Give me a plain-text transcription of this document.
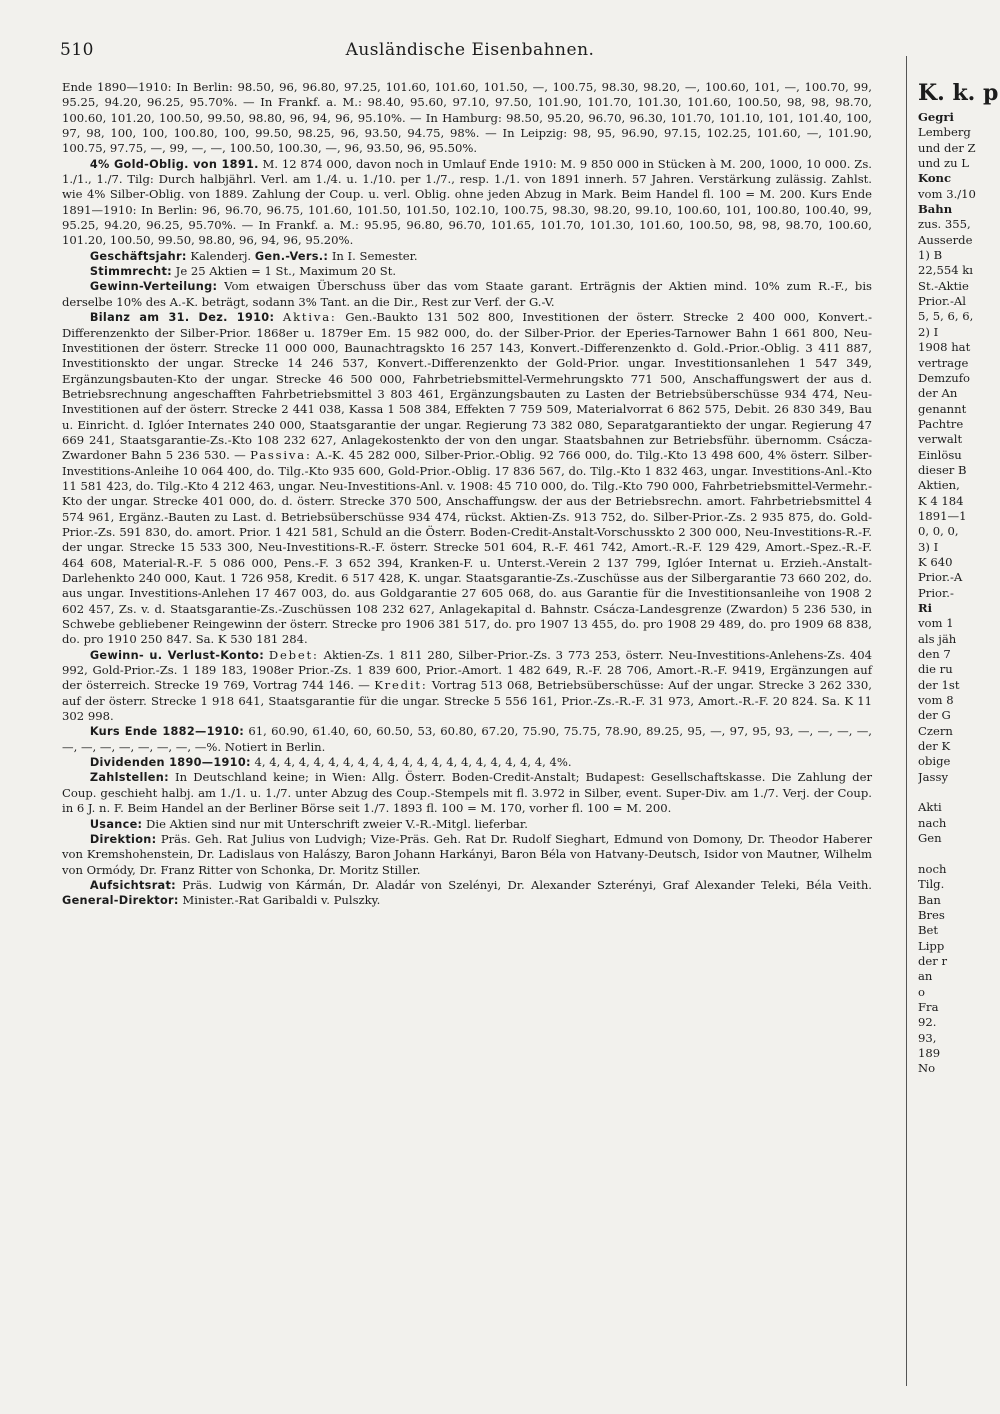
510	Ausländische Eisenbahnen.

Ende 1890—1910: In Berlin: 98.50, 96, 96.80, 97.25, 101.60, 101.60, 101.50, —, 100.75, 98.30, 98.20, —, 100.60, 101, —, 100.70, 99, 95.25, 94.20, 96.25, 95.70%. — In Frankf. a. M.: 98.40, 95.60, 97.10, 97.50, 101.90, 101.70, 101.30, 101.60, 100.50, 98, 98, 98.70, 100.60, 101.20, 100.50, 99.50, 98.80, 96, 94, 96, 95.10%. — In Hamburg: 98.50, 95.20, 96.70, 96.30, 101.70, 101.10, 101, 101.40, 100, 97, 98, 100, 100, 100.80, 100, 99.50, 98.25, 96, 93.50, 94.75, 98%. — In Leipzig: 98, 95, 96.90, 97.15, 102.25, 101.60, —, 101.90, 100.75, 97.75, —, 99, —, —, 100.50, 100.30, —, 96, 93.50, 96, 95.50%.

4% Gold-Oblig. von 1891. M. 12 874 000, davon noch in Umlauf Ende 1910: M. 9 850 000 in Stücken à M. 200, 1000, 10 000. Zs. 1./1., 1./7. Tilg: Durch halbjährl. Verl. am 1./4. u. 1./10. per 1./7., resp. 1./1. von 1891 innerh. 57 Jahren. Verstärkung zulässig. Zahlst. wie 4% Silber-Oblig. von 1889. Zahlung der Coup. u. verl. Oblig. ohne jeden Abzug in Mark. Beim Handel fl. 100 = M. 200. Kurs Ende 1891—1910: In Berlin: 96, 96.70, 96.75, 101.60, 101.50, 101.50, 102.10, 100.75, 98.30, 98.20, 99.10, 100.60, 101, 100.80, 100.40, 99, 95.25, 94.20, 96.25, 95.70%. — In Frankf. a. M.: 95.95, 96.80, 96.70, 101.65, 101.70, 101.30, 101.60, 100.50, 98, 98, 98.70, 100.60, 101.20, 100.50, 99.50, 98.80, 96, 94, 96, 95.20%.

Geschäftsjahr: Kalenderj. Gen.-Vers.: In I. Semester.

Stimmrecht: Je 25 Aktien = 1 St., Maximum 20 St.

Gewinn-Verteilung: Vom etwaigen Überschuss über das vom Staate garant. Erträgnis der Aktien mind. 10% zum R.-F., bis derselbe 10% des A.-K. beträgt, sodann 3% Tant. an die Dir., Rest zur Verf. der G.-V.

Bilanz am 31. Dez. 1910: Aktiva: Gen.-Baukto 131 502 800, Investitionen der österr. Strecke 2 400 000, Konvert.-Differenzenkto der Silber-Prior. 1868er u. 1879er Em. 15 982 000, do. der Silber-Prior. der Eperies-Tarnower Bahn 1 661 800, Neu-Investitionen der österr. Strecke 11 000 000, Baunachtragskto 16 257 143, Konvert.-Differenzenkto d. Gold.-Prior.-Oblig. 3 411 887, Investitionskto der ungar. Strecke 14 246 537, Konvert.-Differenzenkto der Gold-Prior. ungar. Investitionsanlehen 1 547 349, Ergänzungsbauten-Kto der ungar. Strecke 46 500 000, Fahrbetriebsmittel-Vermehrungskto 771 500, Anschaffungswert der aus d. Betriebsrechnung angeschafften Fahrbetriebsmittel 3 803 461, Ergänzungsbauten zu Lasten der Betriebsüberschüsse 934 474, Neu-Investitionen auf der österr. Strecke 2 441 038, Kassa 1 508 384, Effekten 7 759 509, Materialvorrat 6 862 575, Debit. 26 830 349, Bau u. Einricht. d. Iglóer Internates 240 000, Staatsgarantie der ungar. Regierung 73 382 080, Separatgarantiekto der ungar. Regierung 47 669 241, Staatsgarantie-Zs.-Kto 108 232 627, Anlagekostenkto der von den ungar. Staatsbahnen zur Betriebsführ. übernomm. Csácza-Zwardoner Bahn 5 236 530. — Passiva: A.-K. 45 282 000, Silber-Prior.-Oblig. 92 766 000, do. Tilg.-Kto 13 498 600, 4% österr. Silber-Investitions-Anleihe 10 064 400, do. Tilg.-Kto 935 600, Gold-Prior.-Oblig. 17 836 567, do. Tilg.-Kto 1 832 463, ungar. Investitions-Anl.-Kto 11 581 423, do. Tilg.-Kto 4 212 463, ungar. Neu-Investitions-Anl. v. 1908: 45 710 000, do. Tilg.-Kto 790 000, Fahrbetriebsmittel-Vermehr.-Kto der ungar. Strecke 401 000, do. d. österr. Strecke 370 500, Anschaffungsw. der aus der Betriebsrechn. amort. Fahrbetriebsmittel 4 574 961, Ergänz.-Bauten zu Last. d. Betriebsüberschüsse 934 474, rückst. Aktien-Zs. 913 752, do. Silber-Prior.-Zs. 2 935 875, do. Gold-Prior.-Zs. 591 830, do. amort. Prior. 1 421 581, Schuld an die Österr. Boden-Credit-Anstalt-Vorschusskto 2 300 000, Neu-Investitions-R.-F. der ungar. Strecke 15 533 300, Neu-Investitions-R.-F. österr. Strecke 501 604, R.-F. 461 742, Amort.-R.-F. 129 429, Amort.-Spez.-R.-F. 464 608, Material-R.-F. 5 086 000, Pens.-F. 3 652 394, Kranken-F. u. Unterst.-Verein 2 137 799, Iglóer Internat u. Erzieh.-Anstalt-Darlehenkto 240 000, Kaut. 1 726 958, Kredit. 6 517 428, K. ungar. Staatsgarantie-Zs.-Zuschüsse aus der Silbergarantie 73 660 202, do. aus ungar. Investitions-Anlehen 17 467 003, do. aus Goldgarantie 27 605 068, do. aus Garantie für die Investitionsanleihe von 1908 2 602 457, Zs. v. d. Staatsgarantie-Zs.-Zuschüssen 108 232 627, Anlagekapital d. Bahnstr. Csácza-Landesgrenze (Zwardon) 5 236 530, in Schwebe gebliebener Reingewinn der österr. Strecke pro 1906 381 517, do. pro 1907 13 455, do. pro 1908 29 489, do. pro 1909 68 838, do. pro 1910 250 847. Sa. K 530 181 284.

Gewinn- u. Verlust-Konto: Debet: Aktien-Zs. 1 811 280, Silber-Prior.-Zs. 3 773 253, österr. Neu-Investitions-Anlehens-Zs. 404 992, Gold-Prior.-Zs. 1 189 183, 1908er Prior.-Zs. 1 839 600, Prior.-Amort. 1 482 649, R.-F. 28 706, Amort.-R.-F. 9419, Ergänzungen auf der österreich. Strecke 19 769, Vortrag 744 146. — Kredit: Vortrag 513 068, Betriebsüberschüsse: Auf der ungar. Strecke 3 262 330, auf der österr. Strecke 1 918 641, Staatsgarantie für die ungar. Strecke 5 556 161, Prior.-Zs.-R.-F. 31 973, Amort.-R.-F. 20 824. Sa. K 11 302 998.

Kurs Ende 1882—1910: 61, 60.90, 61.40, 60, 60.50, 53, 60.80, 67.20, 75.90, 75.75, 78.90, 89.25, 95, —, 97, 95, 93, —, —, —, —, —, —, —, —, —, —, —, —%. Notiert in Berlin.

Dividenden 1890—1910: 4, 4, 4, 4, 4, 4, 4, 4, 4, 4, 4, 4, 4, 4, 4, 4, 4, 4, 4, 4, 4%.

Zahlstellen: In Deutschland keine; in Wien: Allg. Österr. Boden-Credit-Anstalt; Budapest: Gesellschaftskasse. Die Zahlung der Coup. geschieht halbj. am 1./1. u. 1./7. unter Abzug des Coup.-Stempels mit fl. 3.972 in Silber, event. Super-Div. am 1./7. Verj. der Coup. in 6 J. n. F. Beim Handel an der Berliner Börse seit 1./7. 1893 fl. 100 = M. 170, vorher fl. 100 = M. 200.

Usance: Die Aktien sind nur mit Unterschrift zweier V.-R.-Mitgl. lieferbar.

Direktion: Präs. Geh. Rat Julius von Ludvigh; Vize-Präs. Geh. Rat Dr. Rudolf Sieghart, Edmund von Domony, Dr. Theodor Haberer von Kremshohenstein, Dr. Ladislaus von Halászy, Baron Johann Harkányi, Baron Béla von Hatvany-Deutsch, Isidor von Mautner, Wilhelm von Ormódy, Dr. Franz Ritter von Schonka, Dr. Moritz Stiller.

Aufsichtsrat: Präs. Ludwig von Kármán, Dr. Aladár von Szelényi, Dr. Alexander Szterényi, Graf Alexander Teleki, Béla Veith. General-Direktor: Minister.-Rat Garibaldi v. Pulszky.

K. k. p
Gegri
Lemberg
und der Z
und zu L
Konc
vom 3./10
Bahn
zus. 355,
Ausserde
1) B
22,554 kı
St.-Aktie
Prior.-Al
5, 5, 6, 6,
2) I
1908 hat
vertrage
Demzufo
der An
genannt
Pachtre
verwalt
Einlösu
dieser B
Aktien,
K 4 184
1891—1
0, 0, 0,
3) I
K 640
Prior.-A
Prior.-
Ri
vom 1
als jäh
den 7
die ru
der 1st
vom 8
der G
Czern
der K
obige
Jassy

Akti
nach
Gen

noch
Tilg.
Ban
Bres
Bet
Lipp
der r
an
o
Fra
92.
93,
189
No
